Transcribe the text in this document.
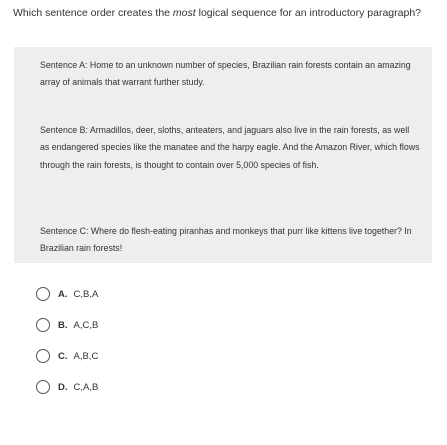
Which sentence order creates the most logical sequence for an introductory paragraph?
Sentence A: Home to an unknown number of species, Brazilian rain forests contain an amazing array of animals that warrant further study.
Sentence B: Armadillos, deer, sloths, anteaters, and jaguars also live in the rain forests, as well as endangered species like the manatee and the harpy eagle. And the Amazon River, which flows through the rain forests, is thought to contain over 5,000 species of fish.
Sentence C: Where do flesh-eating piranhas and monkeys that purr like kittens live together? In Brazilian rain forests!
A. C,B,A
B. A,C,B
C. A,B,C
D. C,A,B
